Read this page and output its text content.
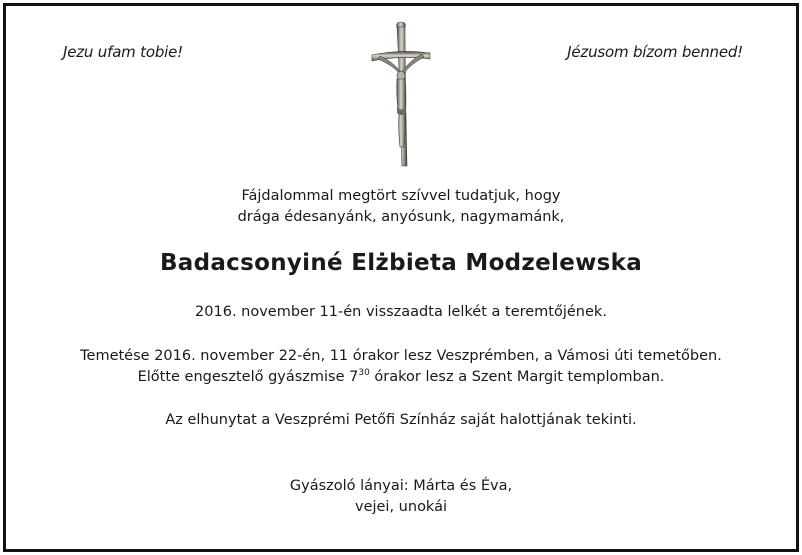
Jezu ufam tobie!	Jézusom bízom benned!
Fájdalommal megtört szívvel tudatjuk, hogy
drága édesanyánk, anyósunk, nagymamánk,
Badacsonyiné Elżbieta Modzelewska
2016. november 11-én visszaadta lelkét a teremtőjének.
Temetése 2016. november 22-én, 11 órakor lesz Veszprémben, a Vámosi úti temetőben.
Előtte engesztelő gyászmise $7^{30}$ órakor lesz a Szent Margit templomban.
Az elhunytat a Veszprémi Petőfi Színház saját halottjának tekinti.
Gyászoló lányai: Márta és Éva,
vejei, unokái
